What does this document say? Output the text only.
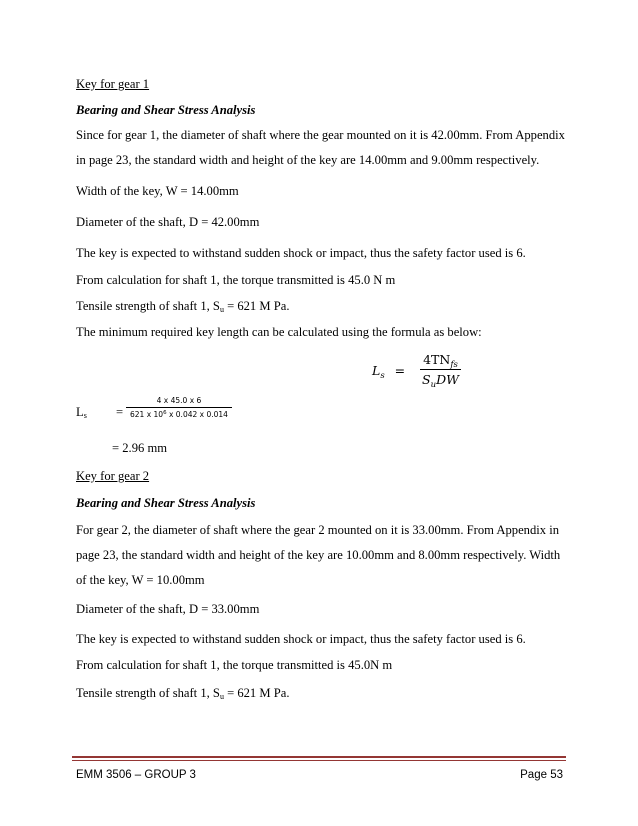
Key for gear 1
Bearing and Shear Stress Analysis
Since for gear 1, the diameter of shaft where the gear mounted on it is 42.00mm. From Appendix
in page 23, the standard width and height of the key are 14.00mm and 9.00mm respectively.
Width of the key, W = 14.00mm
Diameter of the shaft, D = 42.00mm
The key is expected to withstand sudden shock or impact, thus the safety factor used is 6.
From calculation for shaft 1, the torque transmitted is 45.0 N m
Tensile strength of shaft 1, $S_u = 621$ M Pa.
The minimum required key length can be calculated using the formula as below:
$L_s$ =
$4TN_{fs}$
$S_uDW$
$L_s = \frac{4 x 45.0 x 6}{621 x 10^6 x 0.042 x 0.014}$
= 2.96 mm
Key for gear 2
Bearing and Shear Stress Analysis
For gear 2, the diameter of shaft where the gear 2 mounted on it is 33.00mm. From Appendix in
page 23, the standard width and height of the key are 10.00mm and 8.00mm respectively. Width
of the key, W = 10.00mm
Diameter of the shaft, D = 33.00mm
The key is expected to withstand sudden shock or impact, thus the safety factor used is 6.
From calculation for shaft 1, the torque transmitted is 45.0N m
Tensile strength of shaft 1, $S_u = 621$ M Pa.
EMM 3506 – GROUP 3	Page 53
